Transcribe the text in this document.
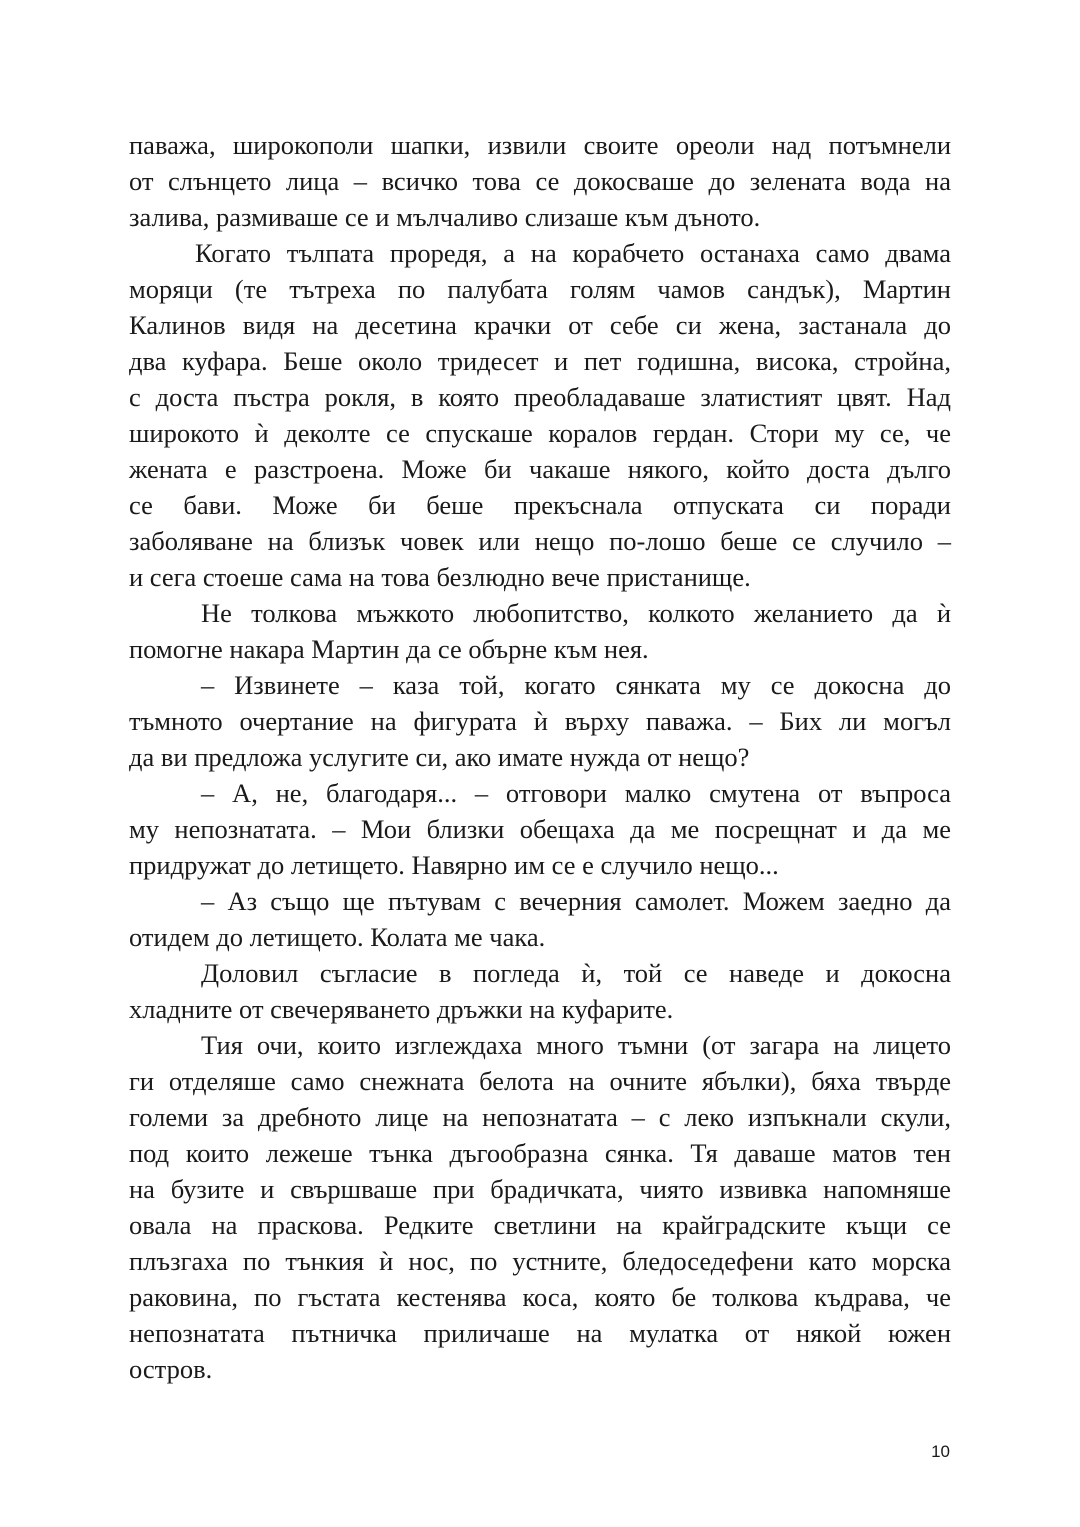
паважа, широкополи шапки, извили своите ореоли над потъмнели
от слънцето лица – всичко това се докосваше до зелената вода на
залива, размиваше се и мълчаливо слизаше към дъното.
Когато тълпата прoредя, а на корабчето останаха само двама
моряци (те тътреха по палубата голям чамов сандък), Мартин
Калинов видя на десетина крачки от себе си жена, застанала до
два куфара. Беше около тридесет и пет годишна, висока, стройна,
с доста пъстра рокля, в която преобладаваше златистият цвят. Над
широкото ѝ деколте се спускаше коралов гердан. Стори му се, че
жената е разстроена. Може би чакаше някого, който доста дълго
се бави. Може би беше прекъснала отпуската си поради
заболяване на близък човек или нещо по-лошо беше се случило –
и сега стоеше сама на това безлюдно вече пристанище.
Не толкова мъжкото любопитство, колкото желанието да ѝ
помогне накара Мартин да се обърне към нея.
– Извинете – каза той, когато сянката му се докосна до
тъмното очертание на фигурата ѝ върху паважа. – Бих ли могъл
да ви предложа услугите си, ако имате нужда от нещо?
– А, не, благодаря... – отговори малко смутена от въпроса
му непознатата. – Мои близки обещаха да ме посрещнат и да ме
придружат до летището. Навярно им се е случило нещо...
– Аз също ще пътувам с вечерния самолет. Можем заедно да
отидем до летището. Колата ме чака.
Доловил съгласие в погледа ѝ, той се наведе и докосна
хладните от свечеряването дръжки на куфарите.
Тия очи, които изглеждаха много тъмни (от загара на лицето
ги отделяше само снежната белота на очните ябълки), бяха твърде
големи за дребното лице на непознатата – с леко изпъкнали скули,
под които лежеше тънка дъгообразна сянка. Тя даваше матов тен
на бузите и свършваше при брадичката, чиято извивка напомняше
овала на праскова. Редките светлини на крайградските къщи се
плъзгаха по тънкия ѝ нос, по устните, бледоседефени като морска
раковина, по гъстата кестенява коса, която бе толкова къдрава, че
непознатата пътничка приличаше на мулатка от някой южен
остров.
10
